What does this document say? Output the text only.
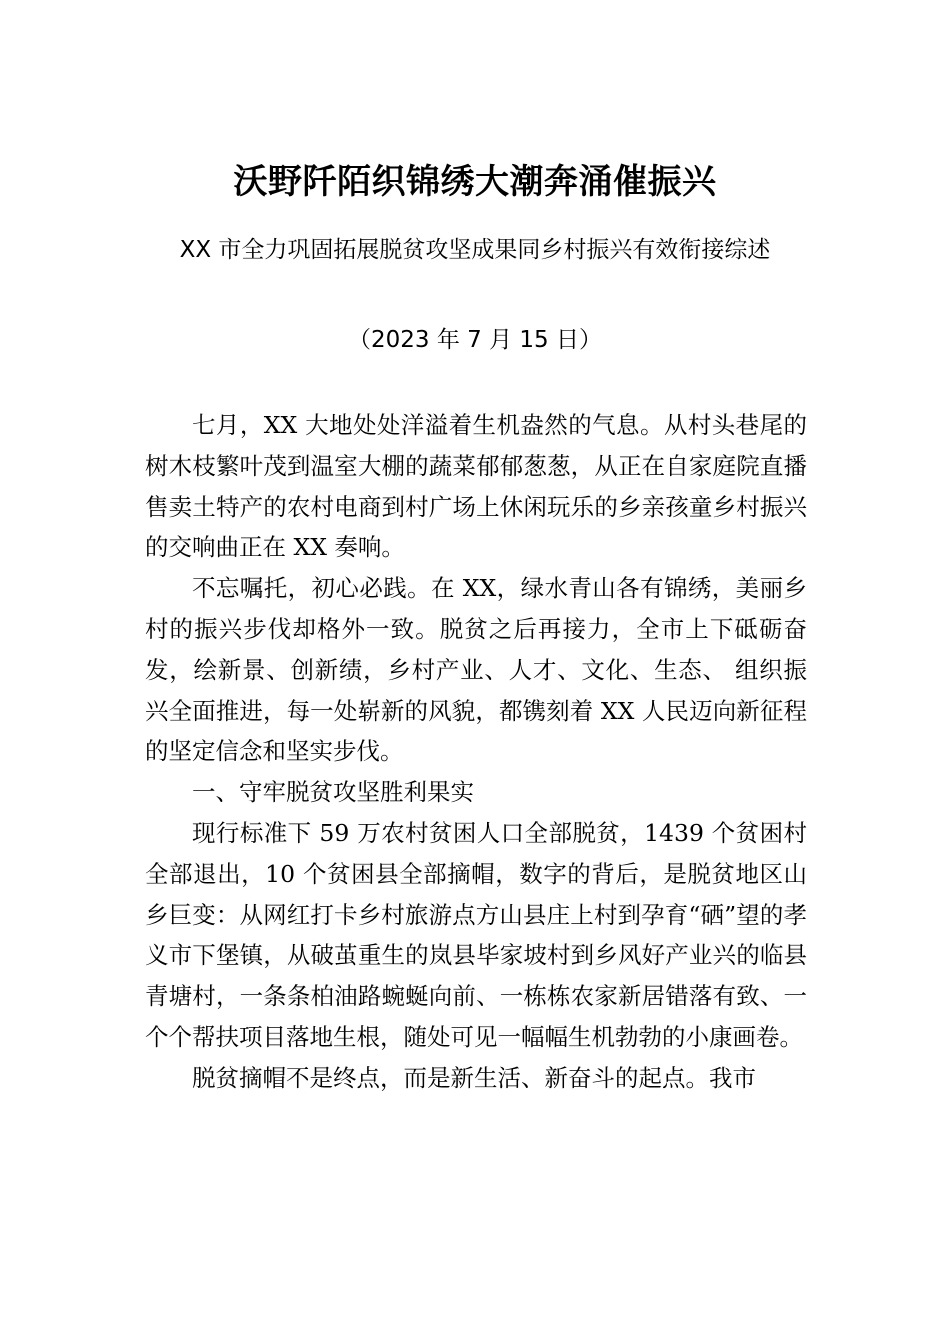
沃野阡陌织锦绣大潮奔涌催振兴
XX 市全力巩固拓展脱贫攻坚成果同乡村振兴有效衔接综述
（2023 年 7 月 15 日）

七月，XX 大地处处洋溢着生机盎然的气息。从村头巷尾的树木枝繁叶茂到温室大棚的蔬菜郁郁葱葱，从正在自家庭院直播售卖土特产的农村电商到村广场上休闲玩乐的乡亲孩童乡村振兴的交响曲正在 XX 奏响。

不忘嘱托，初心必践。在 XX，绿水青山各有锦绣，美丽乡村的振兴步伐却格外一致。脱贫之后再接力，全市上下砥砺奋发，绘新景、创新绩，乡村产业、人才、文化、生态、 组织振兴全面推进，每一处崭新的风貌，都镌刻着 XX 人民迈向新征程的坚定信念和坚实步伐。

一、守牢脱贫攻坚胜利果实

现行标准下 59 万农村贫困人口全部脱贫，1439 个贫困村全部退出，10 个贫困县全部摘帽，数字的背后，是脱贫地区山乡巨变：从网红打卡乡村旅游点方山县庄上村到孕育“硒”望的孝义市下堡镇，从破茧重生的岚县毕家坡村到乡风好产业兴的临县青塘村，一条条柏油路蜿蜒向前、一栋栋农家新居错落有致、一个个帮扶项目落地生根，随处可见一幅幅生机勃勃的小康画卷。

脱贫摘帽不是终点，而是新生活、新奋斗的起点。我市
